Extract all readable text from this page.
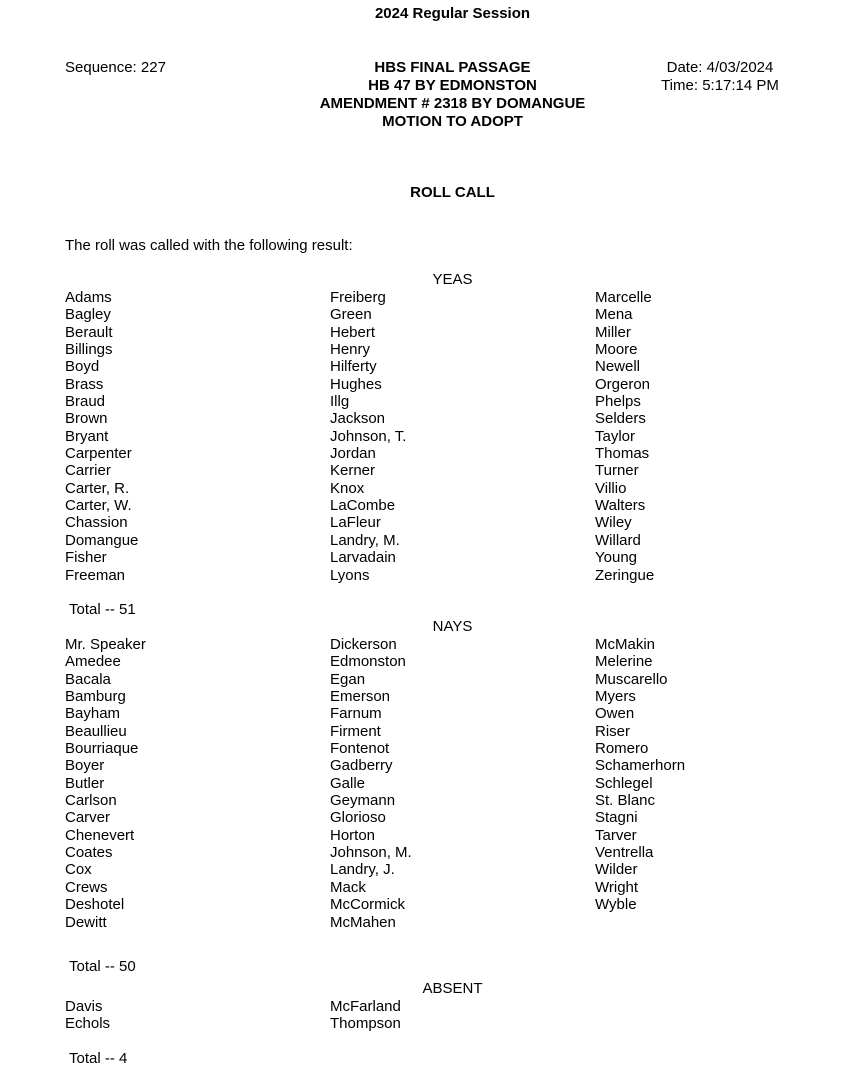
2024 Regular Session
Sequence: 227	HBS FINAL PASSAGE
HB 47 BY EDMONSTON
AMENDMENT # 2318 BY DOMANGUE
MOTION TO ADOPT
Date: 4/03/2024
Time: 5:17:14 PM
ROLL CALL
The roll was called with the following result:
YEAS
Adams
Bagley
Berault
Billings
Boyd
Brass
Braud
Brown
Bryant
Carpenter
Carrier
Carter, R.
Carter, W.
Chassion
Domangue
Fisher
Freeman
Freiberg
Green
Hebert
Henry
Hilferty
Hughes
Illg
Jackson
Johnson, T.
Jordan
Kerner
Knox
LaCombe
LaFleur
Landry, M.
Larvadain
Lyons
Marcelle
Mena
Miller
Moore
Newell
Orgeron
Phelps
Selders
Taylor
Thomas
Turner
Villio
Walters
Wiley
Willard
Young
Zeringue
Total -- 51
NAYS
Mr. Speaker
Amedee
Bacala
Bamburg
Bayham
Beaullieu
Bourriaque
Boyer
Butler
Carlson
Carver
Chenevert
Coates
Cox
Crews
Deshotel
Dewitt
Dickerson
Edmonston
Egan
Emerson
Farnum
Firment
Fontenot
Gadberry
Galle
Geymann
Glorioso
Horton
Johnson, M.
Landry, J.
Mack
McCormick
McMahen
McMakin
Melerine
Muscarello
Myers
Owen
Riser
Romero
Schamerhorn
Schlegel
St. Blanc
Stagni
Tarver
Ventrella
Wilder
Wright
Wyble
Total -- 50
ABSENT
Davis
Echols
McFarland
Thompson
Total -- 4
